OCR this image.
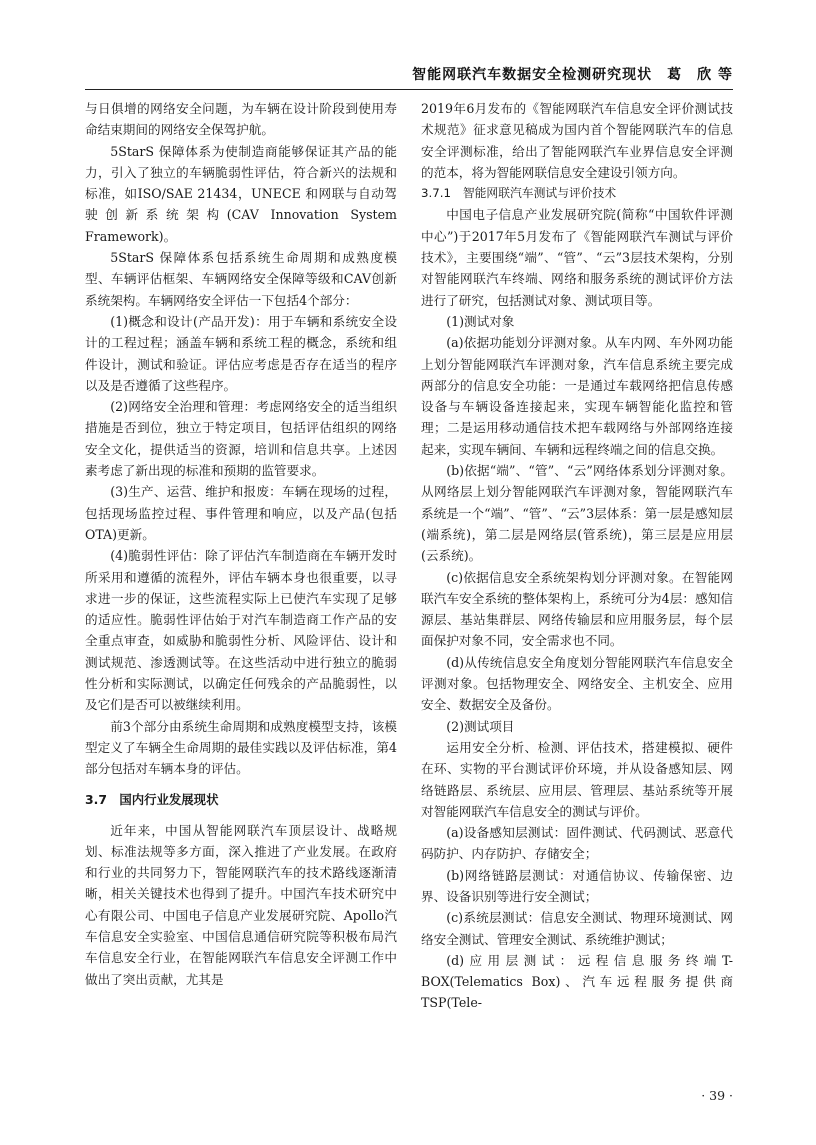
智能网联汽车数据安全检测研究现状　葛　欣 等

与日俱增的网络安全问题，为车辆在设计阶段到使用寿命结束期间的网络安全保驾护航。

5StarS 保障体系为使制造商能够保证其产品的能力，引入了独立的车辆脆弱性评估，符合新兴的法规和标准，如ISO/SAE 21434，UNECE 和网联与自动驾驶创新系统架构(CAV Innovation System Framework)。

5StarS 保障体系包括系统生命周期和成熟度模型、车辆评估框架、车辆网络安全保障等级和CAV创新系统架构。车辆网络安全评估一下包括4个部分：

(1)概念和设计(产品开发)：用于车辆和系统安全设计的工程过程；涵盖车辆和系统工程的概念，系统和组件设计，测试和验证。评估应考虑是否存在适当的程序以及是否遵循了这些程序。

(2)网络安全治理和管理：考虑网络安全的适当组织措施是否到位，独立于特定项目，包括评估组织的网络安全文化，提供适当的资源，培训和信息共享。上述因素考虑了新出现的标准和预期的监管要求。

(3)生产、运营、维护和报废：车辆在现场的过程，包括现场监控过程、事件管理和响应，以及产品(包括OTA)更新。

(4)脆弱性评估：除了评估汽车制造商在车辆开发时所采用和遵循的流程外，评估车辆本身也很重要，以寻求进一步的保证，这些流程实际上已使汽车实现了足够的适应性。脆弱性评估始于对汽车制造商工作产品的安全重点审查，如威胁和脆弱性分析、风险评估、设计和测试规范、渗透测试等。在这些活动中进行独立的脆弱性分析和实际测试，以确定任何残余的产品脆弱性，以及它们是否可以被继续利用。

前3个部分由系统生命周期和成熟度模型支持，该模型定义了车辆全生命周期的最佳实践以及评估标准，第4部分包括对车辆本身的评估。

3.7　国内行业发展现状

近年来，中国从智能网联汽车顶层设计、战略规划、标准法规等多方面，深入推进了产业发展。在政府和行业的共同努力下，智能网联汽车的技术路线逐渐清晰，相关关键技术也得到了提升。中国汽车技术研究中心有限公司、中国电子信息产业发展研究院、Apollo汽车信息安全实验室、中国信息通信研究院等积极布局汽车信息安全行业，在智能网联汽车信息安全评测工作中做出了突出贡献，尤其是

2019年6月发布的《智能网联汽车信息安全评价测试技术规范》征求意见稿成为国内首个智能网联汽车的信息安全评测标准，给出了智能网联汽车业界信息安全评测的范本，将为智能网联信息安全建设引领方向。

3.7.1　智能网联汽车测试与评价技术

中国电子信息产业发展研究院(简称“中国软件评测中心”)于2017年5月发布了《智能网联汽车测试与评价技术》，主要围绕“端”、“管”、“云”3层技术架构，分别对智能网联汽车终端、网络和服务系统的测试评价方法进行了研究，包括测试对象、测试项目等。

(1)测试对象

(a)依据功能划分评测对象。从车内网、车外网功能上划分智能网联汽车评测对象，汽车信息系统主要完成两部分的信息安全功能：一是通过车载网络把信息传感设备与车辆设备连接起来，实现车辆智能化监控和管理；二是运用移动通信技术把车载网络与外部网络连接起来，实现车辆间、车辆和远程终端之间的信息交换。

(b)依据“端”、“管”、“云”网络体系划分评测对象。从网络层上划分智能网联汽车评测对象，智能网联汽车系统是一个“端”、“管”、“云”3层体系：第一层是感知层(端系统)，第二层是网络层(管系统)，第三层是应用层(云系统)。

(c)依据信息安全系统架构划分评测对象。在智能网联汽车安全系统的整体架构上，系统可分为4层：感知信源层、基站集群层、网络传输层和应用服务层，每个层面保护对象不同，安全需求也不同。

(d)从传统信息安全角度划分智能网联汽车信息安全评测对象。包括物理安全、网络安全、主机安全、应用安全、数据安全及备份。

(2)测试项目

运用安全分析、检测、评估技术，搭建模拟、硬件在环、实物的平台测试评价环境，并从设备感知层、网络链路层、系统层、应用层、管理层、基站系统等开展对智能网联汽车信息安全的测试与评价。

(a)设备感知层测试：固件测试、代码测试、恶意代码防护、内存防护、存储安全；

(b)网络链路层测试：对通信协议、传输保密、边界、设备识别等进行安全测试；

(c)系统层测试：信息安全测试、物理环境测试、网络安全测试、管理安全测试、系统维护测试；

(d)应用层测试：远程信息服务终端T-BOX(Telematics Box)、汽车远程服务提供商TSP(Tele-

· 39 ·
